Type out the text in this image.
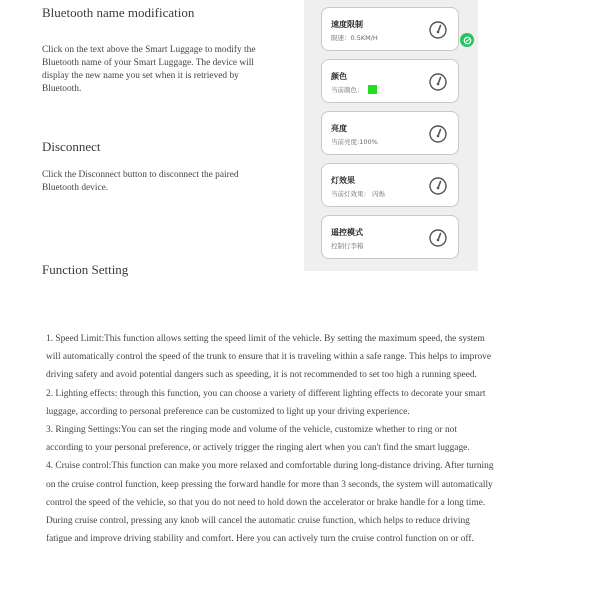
Bluetooth name modification
Click on the text above the Smart Luggage to modify the
Bluetooth name of your Smart Luggage. The device will
display the new name you set when it is retrieved by
Bluetooth.
Disconnect
Click the Disconnect button to disconnect the paired
Bluetooth device.
Function Setting
速度限制
限速：0.5KM/H
颜色
当前颜色：
亮度
当前亮度:100%
灯效果
当前灯效果： 闪烁
遥控模式
控制行李箱

1. Speed Limit:This function allows setting the speed limit of the vehicle. By setting the maximum speed, the system

will automatically control the speed of the trunk to ensure that it is traveling within a safe range. This helps to improve

driving safety and avoid potential dangers such as speeding, it is not recommended to set too high a running speed.

2. Lighting effects: through this function, you can choose a variety of different lighting effects to decorate your smart

luggage, according to personal preference can be customized to light up your driving experience.

3. Ringing Settings:You can set the ringing mode and volume of the vehicle, customize whether to ring or not

according to your personal preference, or actively trigger the ringing alert when you can't find the smart luggage.

4. Cruise control:This function can make you more relaxed and comfortable during long-distance driving. After turning

on the cruise control function, keep pressing the forward handle for more than 3 seconds, the system will automatically

control the speed of the vehicle, so that you do not need to hold down the accelerator or brake handle for a long time.

During cruise control, pressing any knob will cancel the automatic cruise function, which helps to reduce driving

fatigue and improve driving stability and comfort. Here you can actively turn the cruise control function on or off.
